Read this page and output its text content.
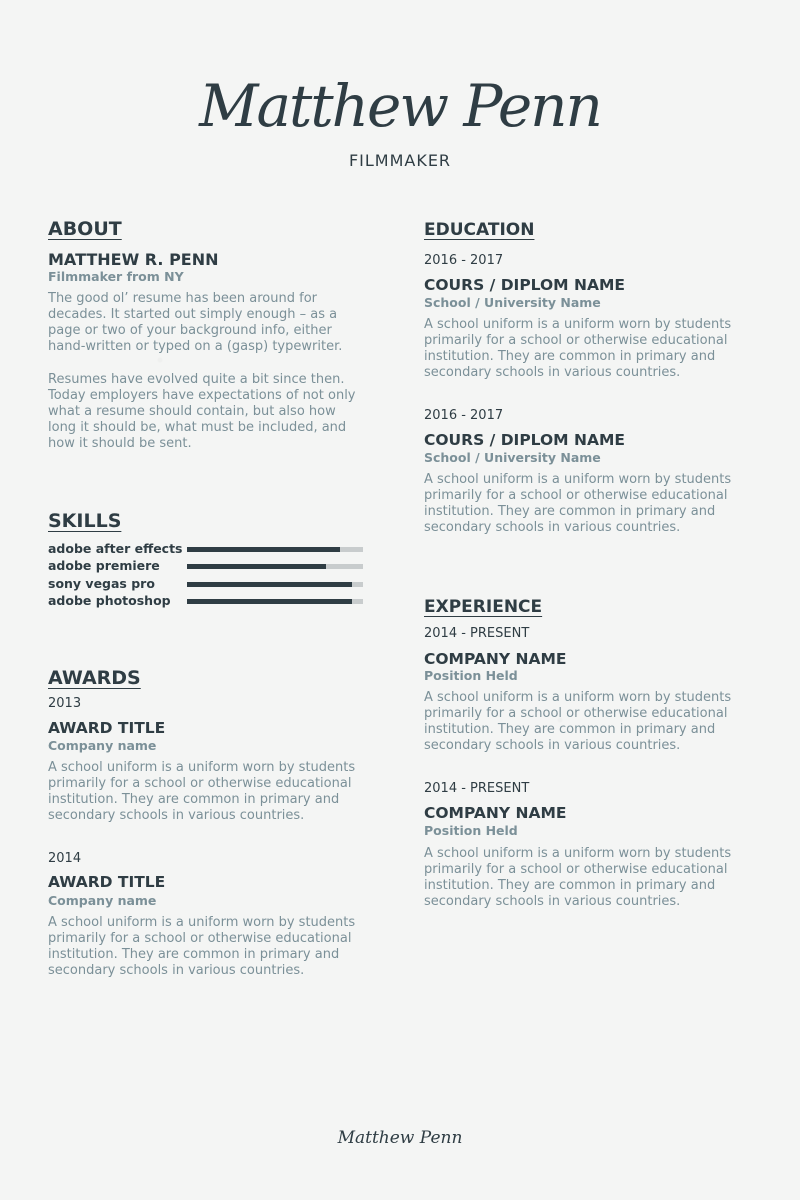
Matthew Penn
FILMMAKER
ABOUT
MATTHEW R. PENN
Filmmaker from NY
The good ol’ resume has been around for decades. It started out simply enough – as a page or two of your background info, either hand-written or typed on a (gasp) typewriter.
Resumes have evolved quite a bit since then. Today employers have expectations of not only what a resume should contain, but also how long it should be, what must be included, and how it should be sent.
SKILLS
adobe after effects
adobe premiere
sony vegas pro
adobe photoshop
AWARDS
2013
AWARD TITLE
Company name
A school uniform is a uniform worn by students primarily for a school or otherwise educational institution. They are common in primary and secondary schools in various countries.
2014
AWARD TITLE
Company name
A school uniform is a uniform worn by students primarily for a school or otherwise educational institution. They are common in primary and secondary schools in various countries.
EDUCATION
2016 - 2017
COURS / DIPLOM NAME
School / University Name
A school uniform is a uniform worn by students primarily for a school or otherwise educational institution. They are common in primary and secondary schools in various countries.
2016 - 2017
COURS / DIPLOM NAME
School / University Name
A school uniform is a uniform worn by students primarily for a school or otherwise educational institution. They are common in primary and secondary schools in various countries.
EXPERIENCE
2014 - PRESENT
COMPANY NAME
Position Held
A school uniform is a uniform worn by students primarily for a school or otherwise educational institution. They are common in primary and secondary schools in various countries.
2014 - PRESENT
COMPANY NAME
Position Held
A school uniform is a uniform worn by students primarily for a school or otherwise educational institution. They are common in primary and secondary schools in various countries.
Matthew Penn
